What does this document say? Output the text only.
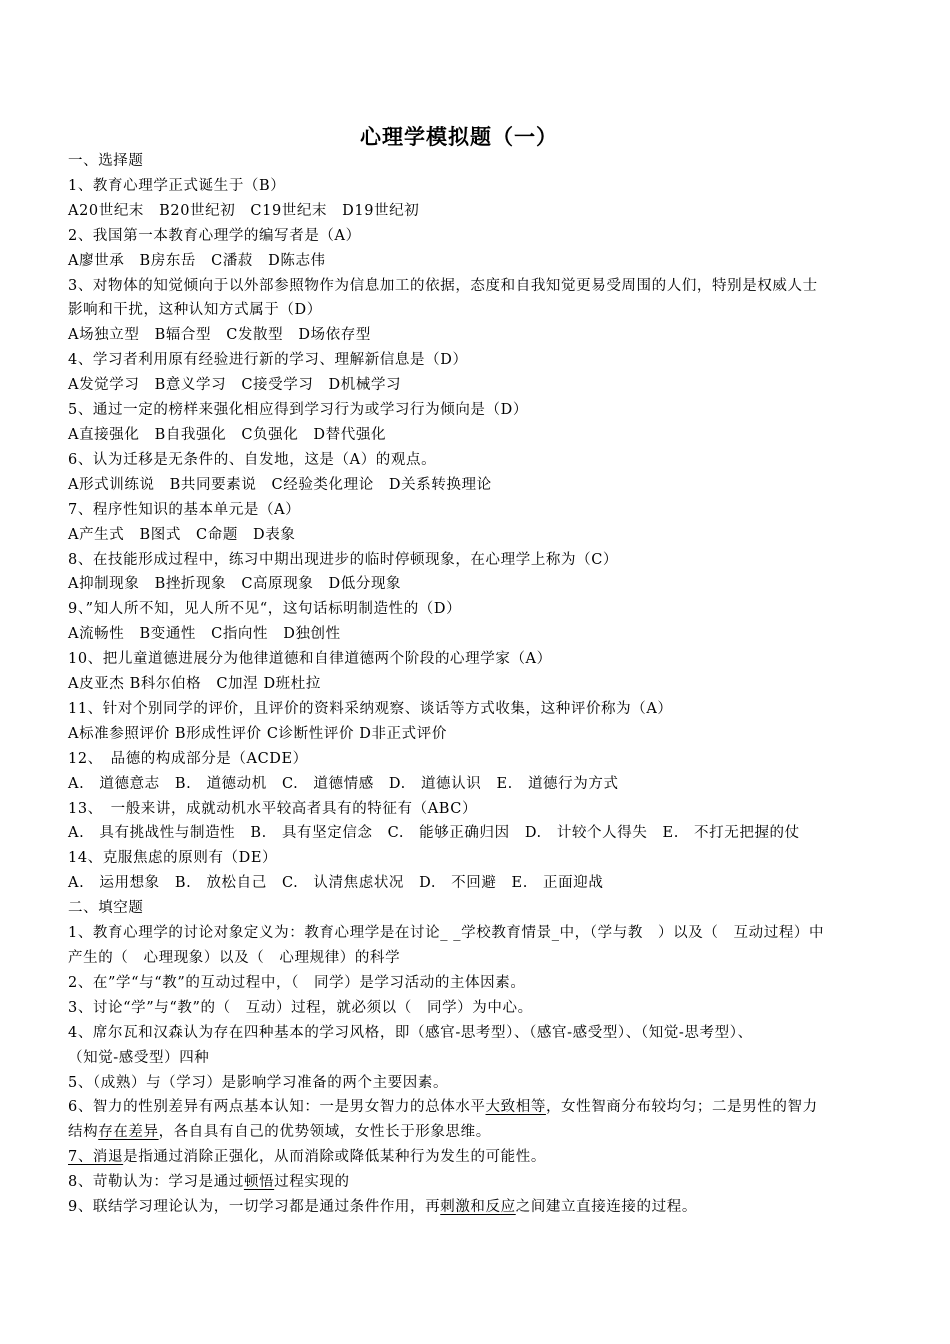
心理学模拟题（一）
一、选择题
1、教育心理学正式诞生于（B）
A20世纪末　B20世纪初　C19世纪末　D19世纪初
2、我国第一本教育心理学的编写者是（A）
A廖世承　B房东岳　C潘菽　D陈志伟
3、对物体的知觉倾向于以外部参照物作为信息加工的依据，态度和自我知觉更易受周围的人们，特别是权威人士
影响和干扰，这种认知方式属于（D）
A场独立型　B辐合型　C发散型　D场依存型
4、学习者利用原有经验进行新的学习、理解新信息是（D）
A发觉学习　B意义学习　C接受学习　D机械学习
5、通过一定的榜样来强化相应得到学习行为或学习行为倾向是（D）
A直接强化　B自我强化　C负强化　D替代强化
6、认为迁移是无条件的、自发地，这是（A）的观点。
A形式训练说　B共同要素说　C经验类化理论　D关系转换理论
7、程序性知识的基本单元是（A）
A产生式　B图式　C命题　D表象
8、在技能形成过程中，练习中期出现进步的临时停顿现象，在心理学上称为（C）
A抑制现象　B挫折现象　C高原现象　D低分现象
9、”知人所不知，见人所不见“，这句话标明制造性的（D）
A流畅性　B变通性　C指向性　D独创性
10、把儿童道德进展分为他律道德和自律道德两个阶段的心理学家（A）
A皮亚杰 B科尔伯格　C加涅 D班杜拉
11、针对个别同学的评价，且评价的资料采纳观察、谈话等方式收集，这种评价称为（A）
A标准参照评价 B形成性评价 C诊断性评价 D非正式评价
12、　品德的构成部分是（ACDE）
A.　道德意志　B.　道德动机　C.　道德情感　D.　道德认识　E.　道德行为方式
13、　一般来讲，成就动机水平较高者具有的特征有（ABC）
A.　具有挑战性与制造性　B.　具有坚定信念　C.　能够正确归因　D.　计较个人得失　E.　不打无把握的仗
14、克服焦虑的原则有（DE）
A.　运用想象　B.　放松自己　C.　认清焦虑状况　D.　不回避　E.　正面迎战
二、填空题
1、教育心理学的讨论对象定义为：教育心理学是在讨论_ _学校教育情景_中，（学与教　）以及（　互动过程）中
产生的（　心理现象）以及（　心理规律）的科学
2、在”学“与“教”的互动过程中，（　同学）是学习活动的主体因素。
3、讨论“学”与“教”的（　互动）过程，就必须以（　同学）为中心。
4、席尔瓦和汉森认为存在四种基本的学习风格，即（感官-思考型）、（感官-感受型）、（知觉-思考型）、
（知觉-感受型）四种
5、（成熟）与（学习）是影响学习准备的两个主要因素。
6、智力的性别差异有两点基本认知：一是男女智力的总体水平大致相等，女性智商分布较均匀；二是男性的智力
结构存在差异，各自具有自己的优势领域，女性长于形象思维。
7、消退是指通过消除正强化，从而消除或降低某种行为发生的可能性。
8、苛勒认为：学习是通过顿悟过程实现的
9、联结学习理论认为，一切学习都是通过条件作用，再刺激和反应之间建立直接连接的过程。
